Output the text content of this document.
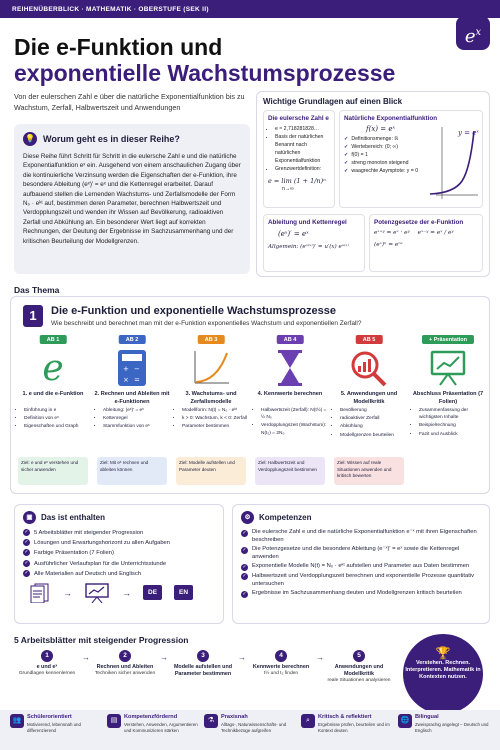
REIHENÜBERBLICK · MATHEMATIK · OBERSTUFE (SEK II)
$e^x$
Die e-Funktion und
exponentielle Wachstumsprozesse
Von der eulerschen Zahl e über die natürliche Exponentialfunktion bis zu Wachstum, Zerfall, Halbwertszeit und Anwendungen
💡 Worum geht es in dieser Reihe?
Diese Reihe führt Schritt für Schritt in die eulersche Zahl e und die natürliche Exponentialfunktion eˣ ein. Ausgehend von einem anschaulichen Zugang über die kontinuierliche Verzinsung werden die Eigenschaften der e-Funktion, ihre besondere Ableitung (eˣ)′ = eˣ und die Kettenregel erarbeitet. Darauf aufbauend stellen die Lernenden Wachstums- und Zerfallsmodelle der Form N₀ · eᵏᵗ auf, bestimmen deren Parameter, berechnen Halbwertszeit und Verdopplungszeit und wenden ihr Wissen auf Bevölkerung, radioaktiven Zerfall und Abkühlung an. Ein besonderer Wert liegt auf korrekten Rechnungen, der Deutung der Ergebnisse im Sachzusammenhang und der kritischen Beurteilung der Modellgrenzen.
Wichtige Grundlagen auf einen Blick
Die eulersche Zahl e
• e ≈ 2,718281828…
• Basis der natürlichen
Benannt nach natürlichen
Exponentialfunktion
• Grenzwertdefinition:
e = lim (1 + 1/n)ⁿ
n→∞
Natürliche Exponentialfunktion
f(x) = eˣ
✓ Definitionsmenge: ℝ
✓ Wertebereich: (0; ∞)
✓ f(0) = 1
✓ streng monoton steigend
✓ waagrechte Asymptote: y = 0
y = eˣ
Ableitung und Kettenregel
(eˣ)′ = eˣ
Allgemein: (eᵘ⁽ˣ⁾)′ = u′(x) eᵘ⁽ˣ⁾
Potenzgesetze der e-Funktion
eˣ⁺ʸ = eˣ · eʸ eˣ⁻ʸ = eˣ / eʸ
(eˣ)ⁿ = eⁿˣ
Das Thema
1	Die e-Funktion und exponentielle Wachstumsprozesse
Wie beschreibt und berechnet man mit der e-Funktion exponentielles Wachstum und exponentiellen Zerfall?
AB 1
e
1. e und die e-Funktion
• Einführung in e
• Definition von eˣ
• Eigenschaften und Graph
Ziel: e und eˣ verstehen und sicher anwenden
AB 2
+ −
× =
2. Rechnen und Ableiten mit e-Funktionen
• Ableitung: (eˣ)′ = eˣ
• Kettenregel
• Stammfunktion von eˣ
Ziel: Mit eˣ rechnen und ableiten können
AB 3
3. Wachstums- und Zerfallsmodelle
• Modellform: N(t) = N₀ · eᵏᵗ
• k > 0: Wachstum, k < 0: Zerfall
• Parameter bestimmen
Ziel: Modelle aufstellen und Parameter deuten
AB 4
4. Kennwerte berechnen
• Halbwertszeit (Zerfall): N(t½) = ½ N₀
• Verdopplungszeit (Wachstum): N(t₂) = 2N₀
Ziel: Halbwertszeit und Verdopplungszeit bestimmen
AB 5
5. Anwendungen und Modellkritik
• Bevölkerung
• radioaktiver Zerfall
• Abkühlung
• Modellgrenzen beurteilen
Ziel: Wissen auf reale Situationen anwenden und kritisch bewerten
+ Präsentation
Abschluss Präsentation (7 Folien)
• Zusammenfassung der wichtigsten Inhalte
• Beispielrechnung
• Fazit und Ausblick
▣	Das ist enthalten
✓ 5 Arbeitsblätter mit steigender Progression
✓ Lösungen und Erwartungshorizont zu allen Aufgaben
✓ Farbige Präsentation (7 Folien)
✓ Ausführlicher Verlaufsplan für die Unterrichtsstunde
✓ Alle Materialien auf Deutsch und Englisch
→	→	DE	EN
⚙	Kompetenzen
✓ Die eulersche Zahl e und die natürliche Exponentialfunktion e⁻ˣ mit ihren Eigenschaften beschreiben
✓ Die Potenzgesetze und die besondere Ableitung (e⁻ˣ)′ = eˣ sowie die Kettenregel anwenden
✓ Exponentielle Modelle N(t) = N₀ · eᵏᵗ aufstellen und Parameter aus Daten bestimmen
✓ Halbwertszeit und Verdopplungszeit berechnen und exponentielle Prozesse quantitativ untersuchen
✓ Ergebnisse im Sachzusammenhang deuten und Modellgrenzen kritisch beurteilen
5 Arbeitsblätter mit steigender Progression
1
e und eˣ
Grundlagen kennenlernen
→	2
Rechnen und Ableiten
Techniken sicher anwenden
→	3
Modelle aufstellen und Parameter bestimmen
→	4
Kennwerte berechnen
t½ und t₂ finden
→	5
Anwendungen und Modellkritik
reale Situationen analysieren
🏆
Verstehen. Rechnen. Interpretieren. Mathematik in Kontexten nutzen.
👥	Schülerorientiert
Motivierend, lebensnah und differenzierend
▤	Kompetenzfördernd
Verstehen, Anwenden, Argumentieren und Kommunizieren stärken
⚗	Praxisnah
Alltags-, Naturwissenschafts- und Technikbezüge aufgreifen
⌕	Kritisch & reflektiert
Ergebnisse prüfen, beurteilen und im Kontext deuten
🌐	Bilingual
Zweisprachig angelegt – Deutsch und Englisch
